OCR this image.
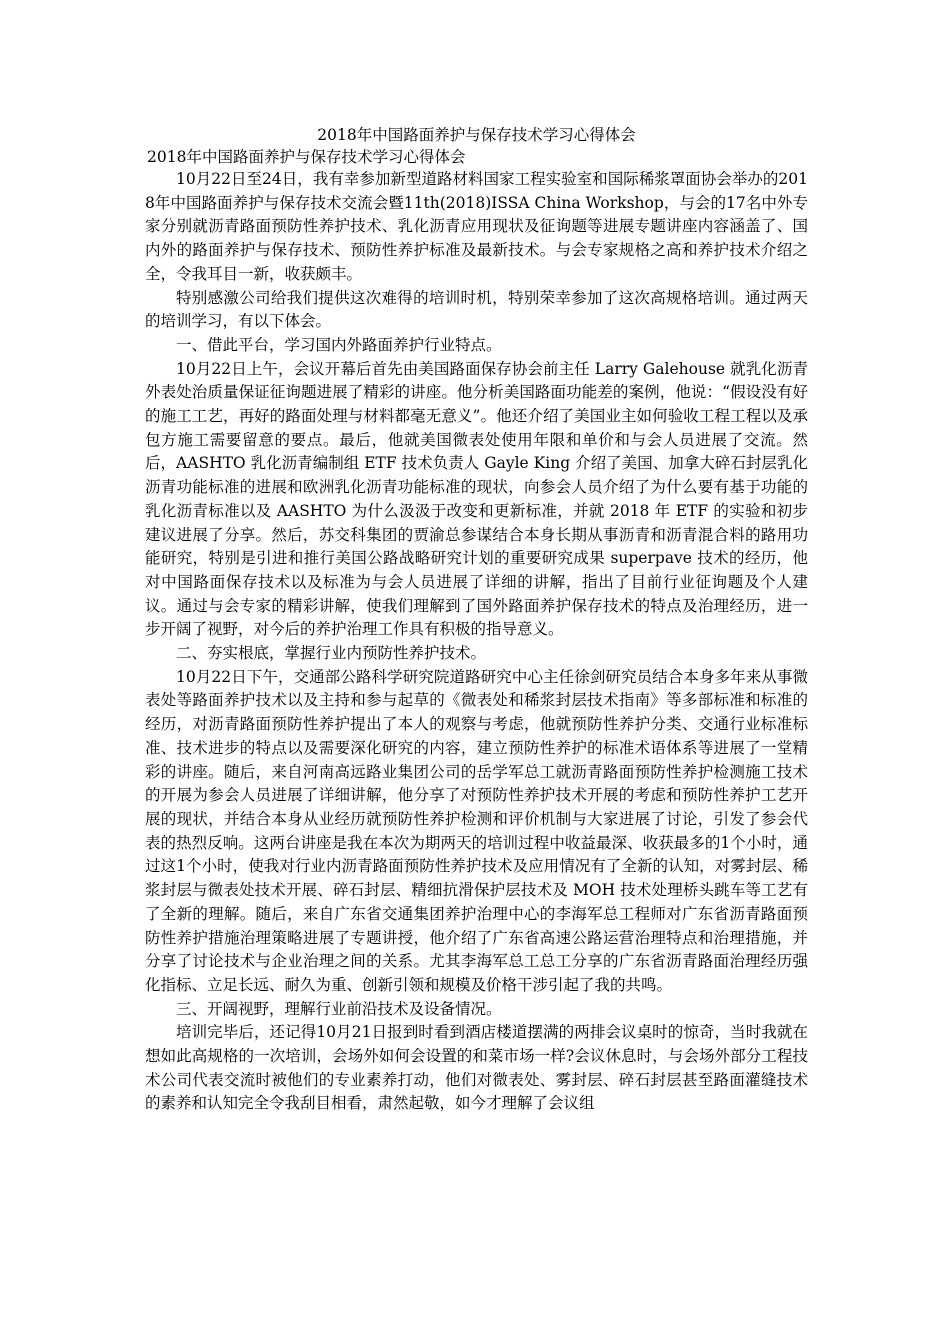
2018年中国路面养护与保存技术学习心得体会

2018年中国路面养护与保存技术学习心得体会

10月22日至24日，我有幸参加新型道路材料国家工程实验室和国际稀浆罩面协会举办的2018年中国路面养护与保存技术交流会暨11th(2018)ISSA China Workshop，与会的17名中外专家分别就沥青路面预防性养护技术、乳化沥青应用现状及征询题等进展专题讲座内容涵盖了、国内外的路面养护与保存技术、预防性养护标准及最新技术。与会专家规格之高和养护技术介绍之全，令我耳目一新，收获颇丰。

特别感激公司给我们提供这次难得的培训时机，特别荣幸参加了这次高规格培训。通过两天的培训学习，有以下体会。

一、借此平台，学习国内外路面养护行业特点。

10月22日上午，会议开幕后首先由美国路面保存协会前主任 Larry Galehouse 就乳化沥青外表处治质量保证征询题进展了精彩的讲座。他分析美国路面功能差的案例，他说：“假设没有好的施工工艺，再好的路面处理与材料都毫无意义”。他还介绍了美国业主如何验收工程工程以及承包方施工需要留意的要点。最后，他就美国微表处使用年限和单价和与会人员进展了交流。然后，AASHTO 乳化沥青编制组 ETF 技术负责人 Gayle King 介绍了美国、加拿大碎石封层乳化沥青功能标准的进展和欧洲乳化沥青功能标准的现状，向参会人员介绍了为什么要有基于功能的乳化沥青标准以及 AASHTO 为什么汲汲于改变和更新标准，并就 2018 年 ETF 的实验和初步建议进展了分享。然后，苏交科集团的贾渝总参谋结合本身长期从事沥青和沥青混合料的路用功能研究，特别是引进和推行美国公路战略研究计划的重要研究成果 superpave 技术的经历，他对中国路面保存技术以及标准为与会人员进展了详细的讲解，指出了目前行业征询题及个人建议。通过与会专家的精彩讲解，使我们理解到了国外路面养护保存技术的特点及治理经历，进一步开阔了视野，对今后的养护治理工作具有积极的指导意义。

二、夯实根底，掌握行业内预防性养护技术。

10月22日下午，交通部公路科学研究院道路研究中心主任徐剑研究员结合本身多年来从事微表处等路面养护技术以及主持和参与起草的《微表处和稀浆封层技术指南》等多部标准和标准的经历，对沥青路面预防性养护提出了本人的观察与考虑，他就预防性养护分类、交通行业标准标准、技术进步的特点以及需要深化研究的内容，建立预防性养护的标准术语体系等进展了一堂精彩的讲座。随后，来自河南高远路业集团公司的岳学军总工就沥青路面预防性养护检测施工技术的开展为参会人员进展了详细讲解，他分享了对预防性养护技术开展的考虑和预防性养护工艺开展的现状，并结合本身从业经历就预防性养护检测和评价机制与大家进展了讨论，引发了参会代表的热烈反响。这两台讲座是我在本次为期两天的培训过程中收益最深、收获最多的1个小时，通过这1个小时，使我对行业内沥青路面预防性养护技术及应用情况有了全新的认知，对雾封层、稀浆封层与微表处技术开展、碎石封层、精细抗滑保护层技术及 MOH 技术处理桥头跳车等工艺有了全新的理解。随后，来自广东省交通集团养护治理中心的李海军总工程师对广东省沥青路面预防性养护措施治理策略进展了专题讲授，他介绍了广东省高速公路运营治理特点和治理措施，并分享了讨论技术与企业治理之间的关系。尤其李海军总工总工分享的广东省沥青路面治理经历强化指标、立足长远、耐久为重、创新引领和规模及价格干涉引起了我的共鸣。

三、开阔视野，理解行业前沿技术及设备情况。

培训完毕后，还记得10月21日报到时看到酒店楼道摆满的两排会议桌时的惊奇，当时我就在想如此高规格的一次培训，会场外如何会设置的和菜市场一样?会议休息时，与会场外部分工程技术公司代表交流时被他们的专业素养打动，他们对微表处、雾封层、碎石封层甚至路面灌缝技术的素养和认知完全令我刮目相看，肃然起敬，如今才理解了会议组
